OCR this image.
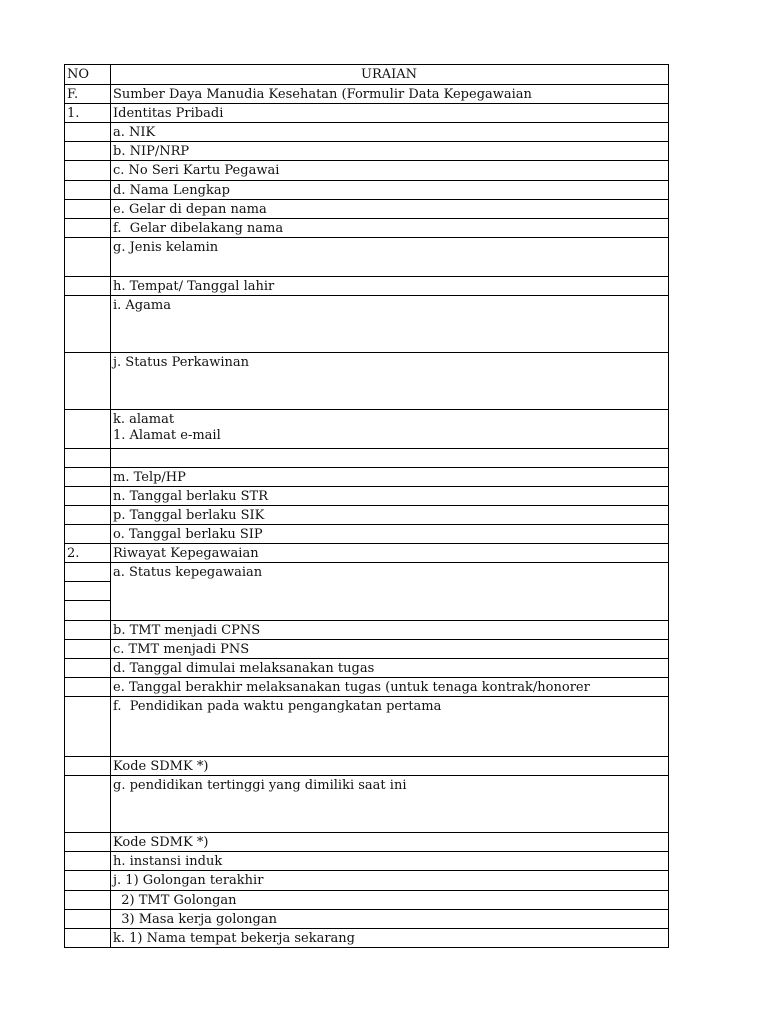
NO	URAIAN
F.	Sumber Daya Manudia Kesehatan (Formulir Data Kepegawaian
1.	Identitas Pribadi
a. NIK
b. NIP/NRP
c. No Seri Kartu Pegawai
d. Nama Lengkap
e. Gelar di depan nama
f.  Gelar dibelakang nama
g. Jenis kelamin
h. Tempat/ Tanggal lahir
i. Agama
j. Status Perkawinan
k. alamat
1. Alamat e-mail
m. Telp/HP
n. Tanggal berlaku STR
p. Tanggal berlaku SIK
o. Tanggal berlaku SIP
2.	Riwayat Kepegawaian
a. Status kepegawaian
b. TMT menjadi CPNS
c. TMT menjadi PNS
d. Tanggal dimulai melaksanakan tugas
e. Tanggal berakhir melaksanakan tugas (untuk tenaga kontrak/honorer
f.  Pendidikan pada waktu pengangkatan pertama
Kode SDMK *)
g. pendidikan tertinggi yang dimiliki saat ini
Kode SDMK *)
h. instansi induk
j. 1) Golongan terakhir
2) TMT Golongan
3) Masa kerja golongan
k. 1) Nama tempat bekerja sekarang
